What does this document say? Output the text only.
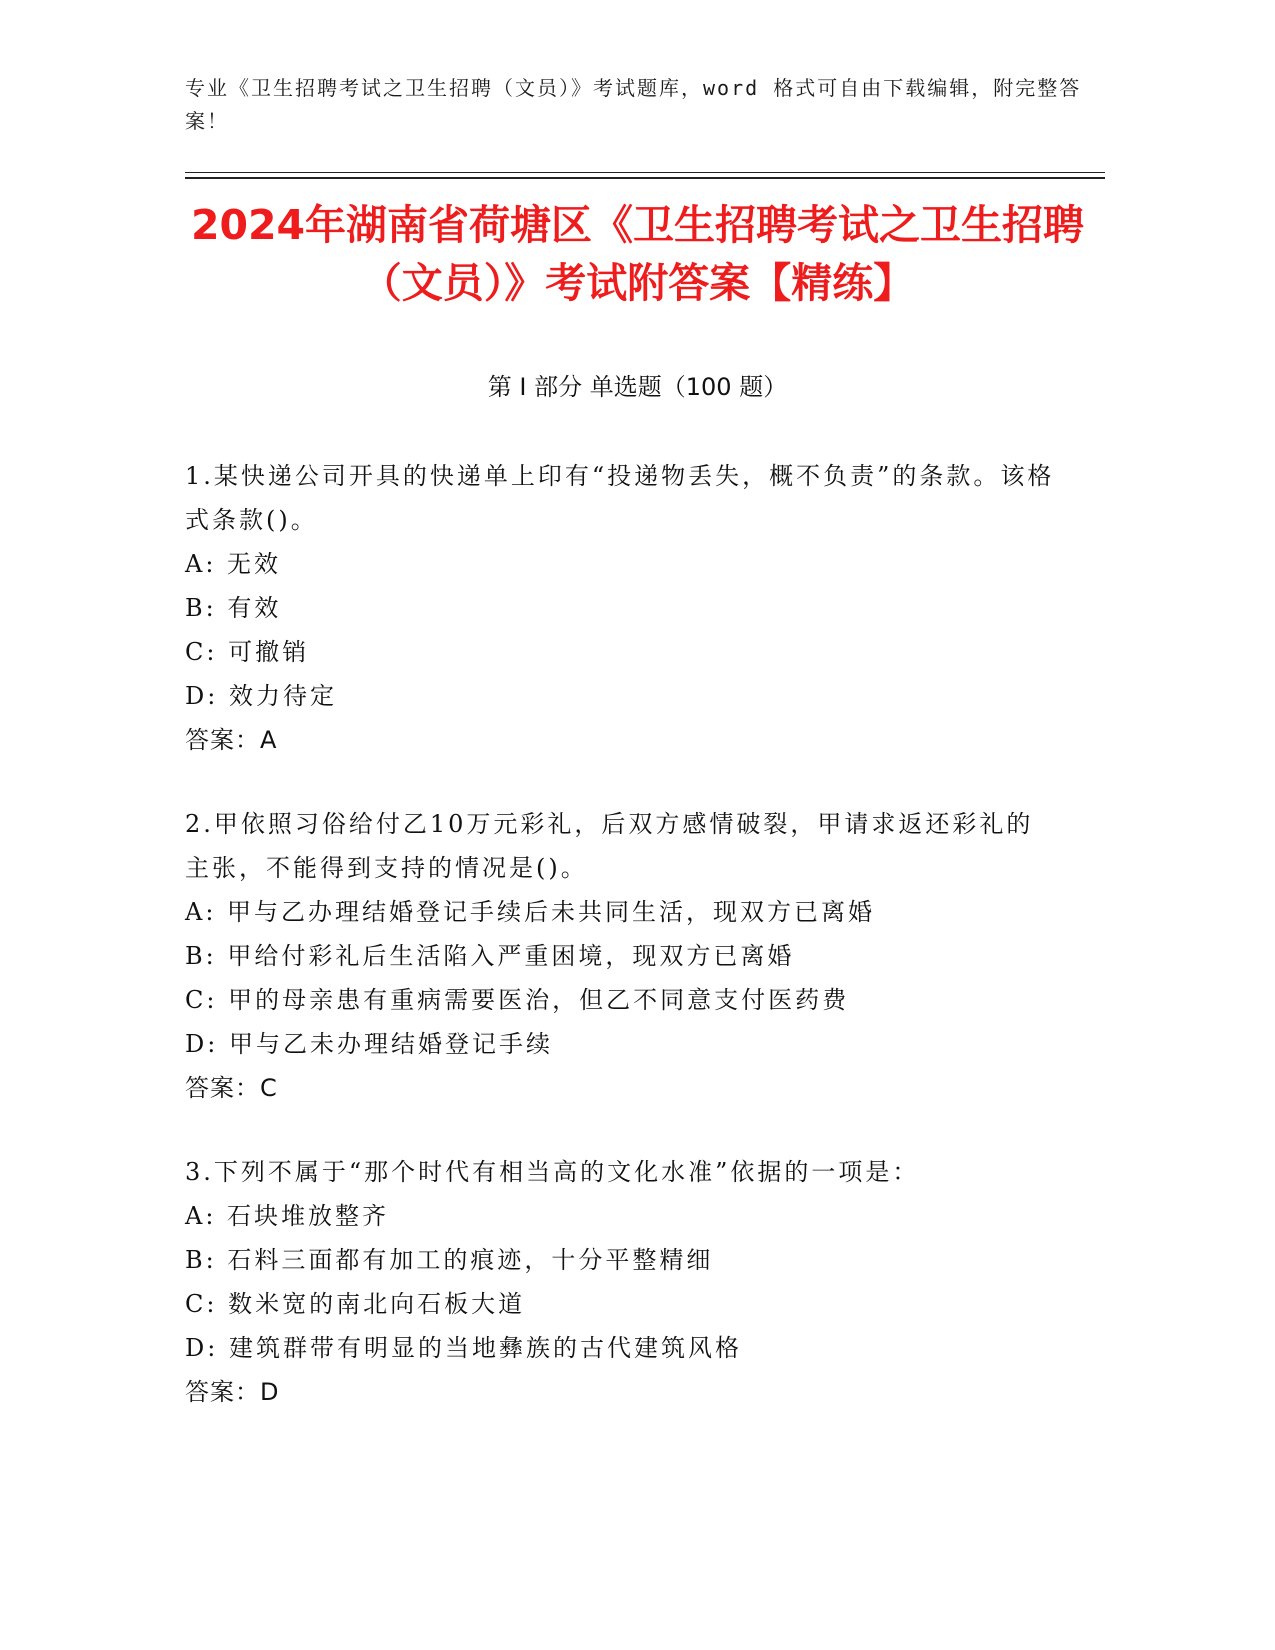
专业《卫生招聘考试之卫生招聘（文员）》考试题库，word 格式可自由下载编辑，附完整答案！
2024年湖南省荷塘区《卫生招聘考试之卫生招聘（文员）》考试附答案【精练】
第 I 部分 单选题（100 题）

1.某快递公司开具的快递单上印有“投递物丢失，概不负责”的条款。该格式条款()。

A: 无效

B: 有效

C: 可撤销

D: 效力待定

答案：A

2.甲依照习俗给付乙10万元彩礼，后双方感情破裂，甲请求返还彩礼的主张，不能得到支持的情况是()。

A: 甲与乙办理结婚登记手续后未共同生活，现双方已离婚

B: 甲给付彩礼后生活陷入严重困境，现双方已离婚

C: 甲的母亲患有重病需要医治，但乙不同意支付医药费

D: 甲与乙未办理结婚登记手续

答案：C

3.下列不属于“那个时代有相当高的文化水准”依据的一项是：

A: 石块堆放整齐

B: 石料三面都有加工的痕迹，十分平整精细

C: 数米宽的南北向石板大道

D: 建筑群带有明显的当地彝族的古代建筑风格

答案：D
